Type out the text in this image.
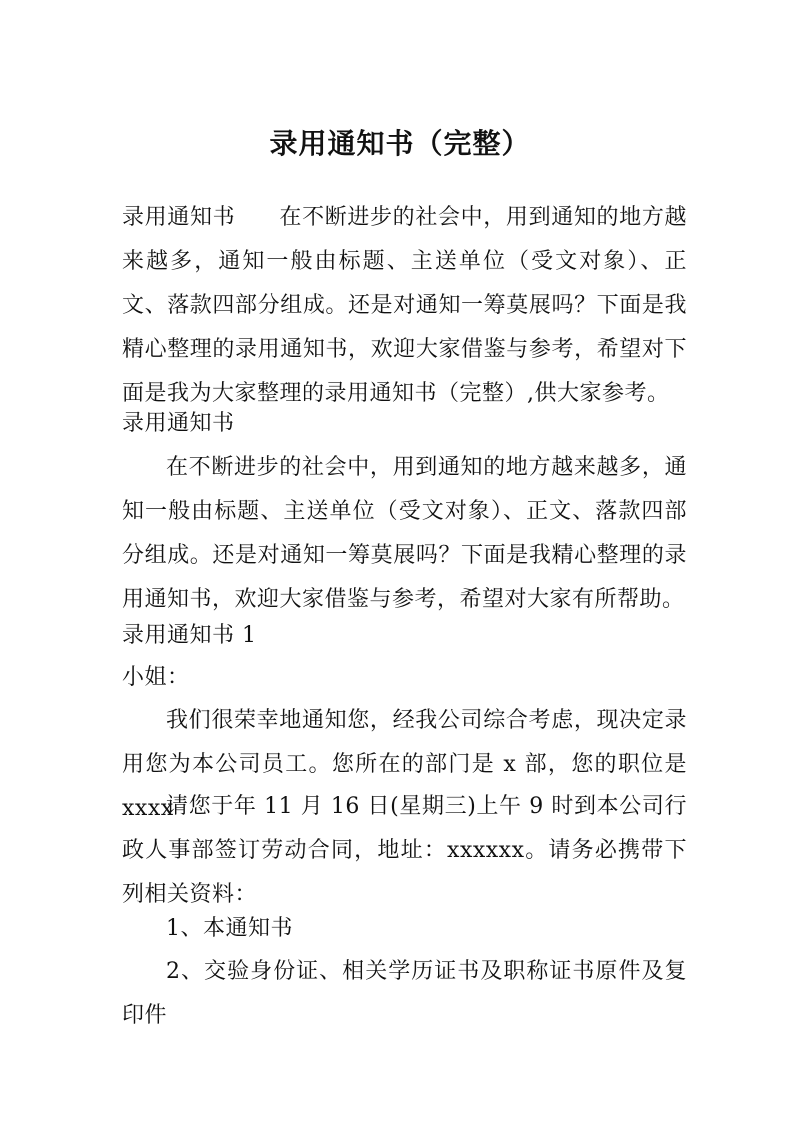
录用通知书（完整）
录用通知书 在不断进步的社会中，用到通知的地方越来越多，通知一般由标题、主送单位（受文对象）、正文、落款四部分组成。还是对通知一筹莫展吗？下面是我精心整理的录用通知书，欢迎大家借鉴与参考，希望对下面是我为大家整理的录用通知书（完整）,供大家参考。
录用通知书
在不断进步的社会中，用到通知的地方越来越多，通知一般由标题、主送单位（受文对象）、正文、落款四部分组成。还是对通知一筹莫展吗？下面是我精心整理的录用通知书，欢迎大家借鉴与参考，希望对大家有所帮助。
录用通知书 1
小姐：
我们很荣幸地通知您，经我公司综合考虑，现决定录用您为本公司员工。您所在的部门是 x 部，您的职位是 xxxx
请您于年 11 月 16 日(星期三)上午 9 时到本公司行政人事部签订劳动合同，地址：xxxxxx。请务必携带下列相关资料：
1、本通知书
2、交验身份证、相关学历证书及职称证书原件及复印件
